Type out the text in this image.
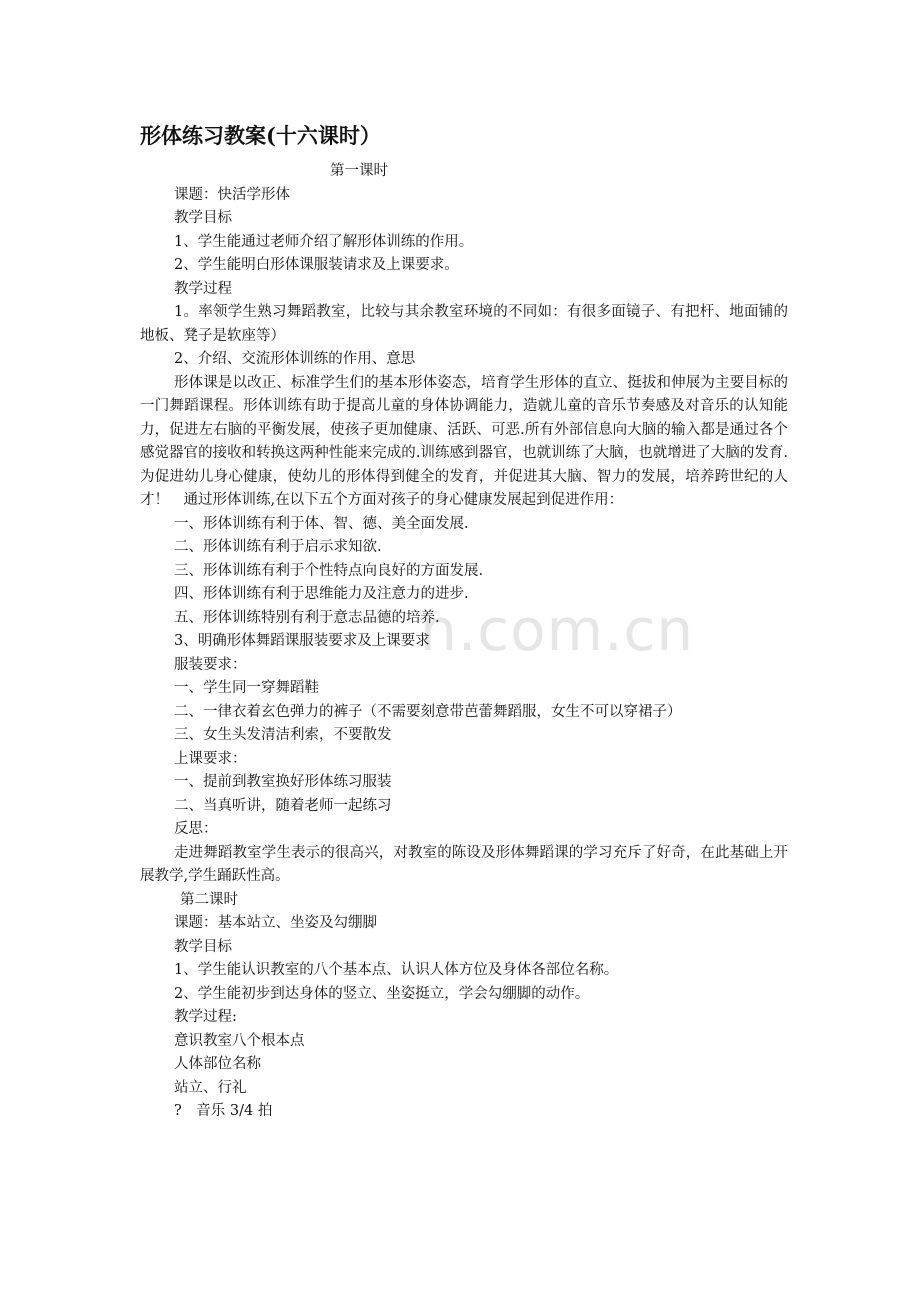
n.com.cn
形体练习教案(十六课时）
第一课时
课题：快活学形体
教学目标
1、学生能通过老师介绍了解形体训练的作用。
2、学生能明白形体课服装请求及上课要求。
教学过程

1。率领学生熟习舞蹈教室，比较与其余教室环境的不同如：有很多面镜子、有把杆、地面铺的地板、凳子是软座等）

2、介绍、交流形体训练的作用、意思

形体课是以改正、标准学生们的基本形体姿态，培育学生形体的直立、挺拔和伸展为主要目标的一门舞蹈课程。形体训练有助于提高儿童的身体协调能力，造就儿童的音乐节奏感及对音乐的认知能力，促进左右脑的平衡发展，使孩子更加健康、活跃、可恶.所有外部信息向大脑的输入都是通过各个感觉器官的接收和转换这两种性能来完成的.训练感到器官，也就训练了大脑，也就增进了大脑的发育.为促进幼儿身心健康，使幼儿的形体得到健全的发育，并促进其大脑、智力的发展，培养跨世纪的人才！　通过形体训练,在以下五个方面对孩子的身心健康发展起到促进作用：

一、形体训练有利于体、智、德、美全面发展.
二、形体训练有利于启示求知欲.
三、形体训练有利于个性特点向良好的方面发展.
四、形体训练有利于思维能力及注意力的进步.
五、形体训练特别有利于意志品德的培养.
3、明确形体舞蹈课服装要求及上课要求
服装要求：
一、学生同一穿舞蹈鞋
二、一律衣着玄色弹力的裤子（不需要刻意带芭蕾舞蹈服，女生不可以穿裙子）
三、女生头发清洁利索，不要散发
上课要求：
一、提前到教室换好形体练习服装
二、当真听讲，随着老师一起练习
反思：

走进舞蹈教室学生表示的很高兴，对教室的陈设及形体舞蹈课的学习充斥了好奇，在此基础上开展教学,学生踊跃性高。

第二课时
课题：基本站立、坐姿及勾绷脚
教学目标
1、学生能认识教室的八个基本点、认识人体方位及身体各部位名称。
2、学生能初步到达身体的竖立、坐姿挺立，学会勾绷脚的动作。
教学过程:
意识教室八个根本点
人体部位名称
站立、行礼
?　音乐 3/4 拍
